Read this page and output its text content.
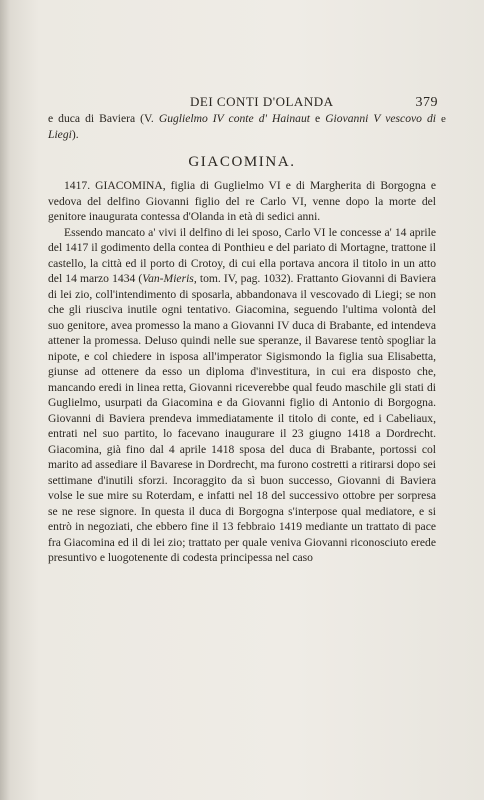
DEI CONTI D'OLANDA	379
e duca di Baviera (V. Guglielmo IV conte d' Hainaut e Giovanni V vescovo di Liegi).
GIACOMINA.

1417. GIACOMINA, figlia di Guglielmo VI e di Margherita di Borgogna e vedova del delfino Giovanni figlio del re Carlo VI, venne dopo la morte del genitore inaugurata contessa d'Olanda in età di sedici anni.

Essendo mancato a' vivi il delfino di lei sposo, Carlo VI le concesse a' 14 aprile del 1417 il godimento della contea di Ponthieu e del pariato di Mortagne, trattone il castello, la città ed il porto di Crotoy, di cui ella portava ancora il titolo in un atto del 14 marzo 1434 (Van-Mieris, tom. IV, pag. 1032). Frattanto Giovanni di Baviera di lei zio, coll'intendimento di sposarla, abbandonava il vescovado di Liegi; se non che gli riusciva inutile ogni tentativo. Giacomina, seguendo l'ultima volontà del suo genitore, avea promesso la mano a Giovanni IV duca di Brabante, ed intendeva attener la promessa. Deluso quindi nelle sue speranze, il Bavarese tentò spogliar la nipote, e col chiedere in isposa all'imperator Sigismondo la figlia sua Elisabetta, giunse ad ottenere da esso un diploma d'investitura, in cui era disposto che, mancando eredi in linea retta, Giovanni riceverebbe qual feudo maschile gli stati di Guglielmo, usurpati da Giacomina e da Giovanni figlio di Antonio di Borgogna. Giovanni di Baviera prendeva immediatamente il titolo di conte, ed i Cabeliaux, entrati nel suo partito, lo facevano inaugurare il 23 giugno 1418 a Dordrecht. Giacomina, già fino dal 4 aprile 1418 sposa del duca di Brabante, portossi col marito ad assediare il Bavarese in Dordrecht, ma furono costretti a ritirarsi dopo sei settimane d'inutili sforzi. Incoraggito da sì buon successo, Giovanni di Baviera volse le sue mire su Roterdam, e infatti nel 18 del successivo ottobre per sorpresa se ne rese signore. In questa il duca di Borgogna s'interpose qual mediatore, e si entrò in negoziati, che ebbero fine il 13 febbraio 1419 mediante un trattato di pace fra Giacomina ed il di lei zio; trattato per quale veniva Giovanni riconosciuto erede presuntivo e luogotenente di codesta principessa nel caso

e
